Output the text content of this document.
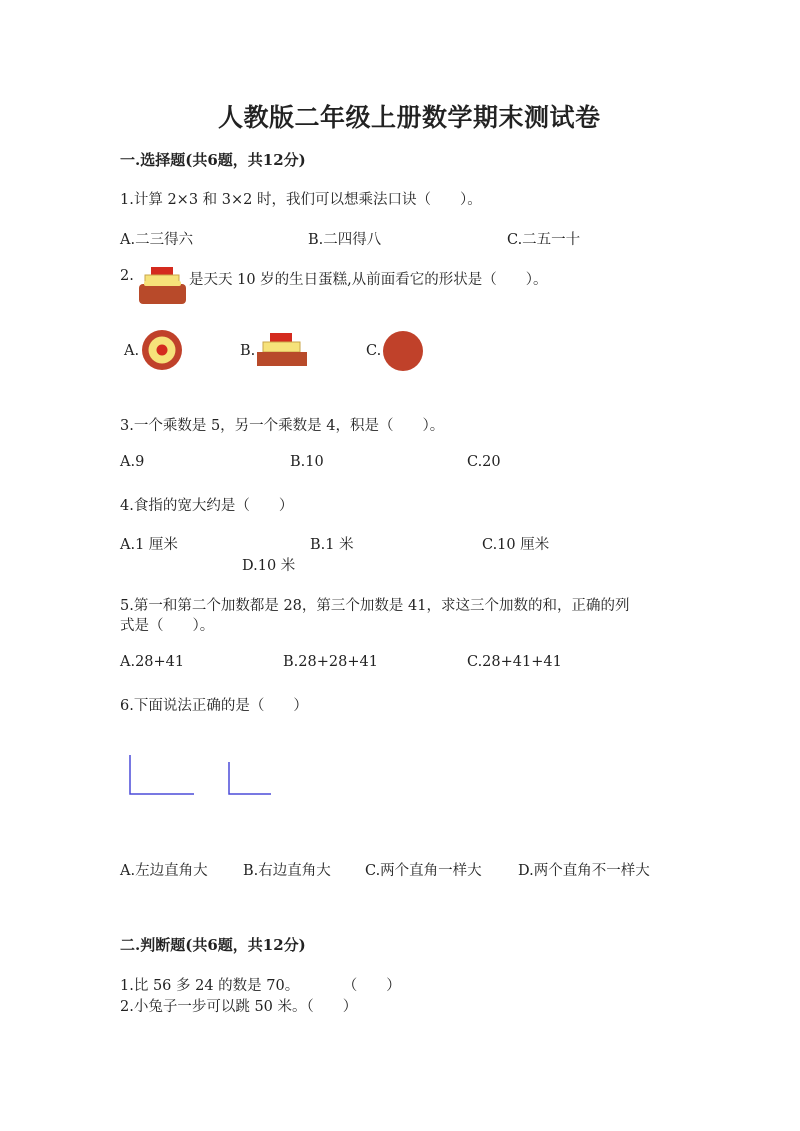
人教版二年级上册数学期末测试卷
一.选择题(共6题，共12分)
1.计算 2×3 和 3×2 时，我们可以想乘法口诀（　　）。
A.二三得六	B.二四得八	C.二五一十
2.	是天天 10 岁的生日蛋糕,从前面看它的形状是（　　）。
A.	B.	C.
3.一个乘数是 5，另一个乘数是 4，积是（　　）。
A.9	B.10	C.20
4.食指的宽大约是（　　）
A.1 厘米	B.1 米	C.10 厘米
D.10 米
5.第一和第二个加数都是 28，第三个加数是 41，求这三个加数的和，正确的列
式是（　　）。
A.28+41	B.28+28+41	C.28+41+41
6.下面说法正确的是（　　）
A.左边直角大 B.右边直角大 C.两个直角一样大	D.两个直角不一样大
二.判断题(共6题，共12分)
1.比 56 多 24 的数是 70。　　　　（　　）
2.小兔子一步可以跳 50 米。（　　）
